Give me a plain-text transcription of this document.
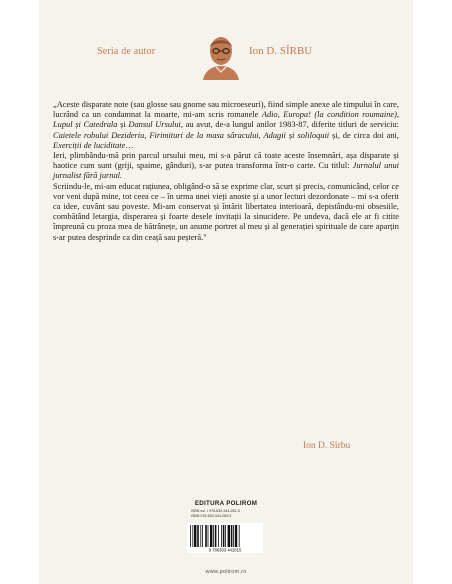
Seria de autor	Ion D. SÎRBU

„Aceste disparate note (sau glosse sau gnome sau microeseuri), fiind simple anexe ale timpului în care, lucrând ca un condamnat la moarte, mi-am scris romanele Adio, Europa! (la condition roumaine), Lupul și Catedrala și Dansul Ursului, au avut, de-a lungul anilor 1983-87, diferite titluri de serviciu: Caietele robului Dezideriu, Firimituri de la masa săracului, Adagii și soliloquii și, de circa doi ani, Exerciții de luciditate…

Ieri, plimbându-mă prin parcul ursului meu, mi s-a părut că toate aceste însemnări, așa disparate și haotice cum sunt (griji, spaime, gânduri), s-ar putea transforma într-o carte. Cu titlul: Jurnalul unui jurnalist fără jurnal.

Scriindu-le, mi-am educat rațiunea, obligând-o să se exprime clar, scurt și precis, comunicând, celor ce vor veni după mine, tot ceea ce – în urma unei vieți anoste și a unor lecturi dezordonate – mi s-a oferit ca idee, cuvânt sau poveste. Mi-am conservat și întărit libertatea interioară, depistându-mi obsesiile, combătând letargia, disperarea și foarte desele invitații la sinucidere. Pe undeva, dacă ele ar fi citite împreună cu proza mea de bătrânețe, un anume portret al meu și al generației spirituale de care aparțin s-ar putea desprinde ca din ceață sau peșteră."

Ion D. Sîrbu
EDITURA POLIROM
ISBN vol. I 978-630-344-281-5
ISBN 978-630-344-283-9
9 786303 442815
www.polirom.ro
